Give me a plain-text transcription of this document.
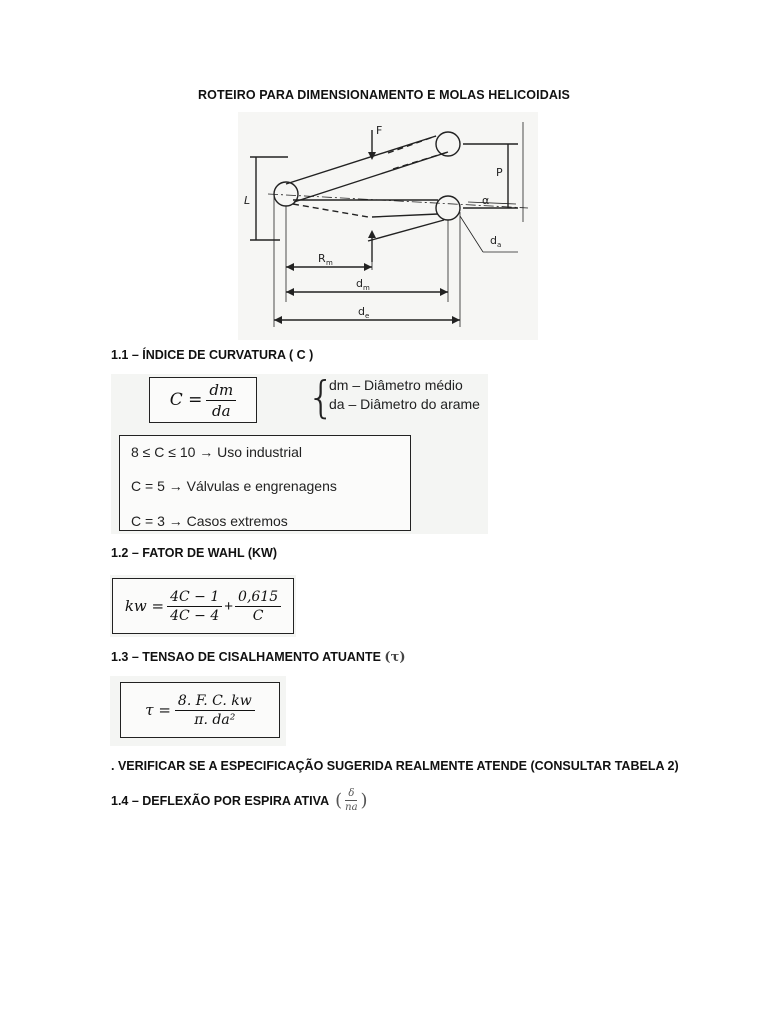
ROTEIRO PARA DIMENSIONAMENTO E MOLAS HELICOIDAIS
F
L
P
α
R m
d m
d e
d a
1.1 – ÍNDICE DE CURVATURA ( C )
$C = \frac{dm}{da}$ {
dm – Diâmetro médio
da – Diâmetro do arame
8 ≤ C ≤ 10 → Uso industrial
C = 5 → Válvulas e engrenagens
C = 3 → Casos extremos
1.2 – FATOR DE WAHL (KW)
kw = $\frac{4C - 1}{4C - 4} + \frac{0,615}{C}$
1.3 – TENSAO DE CISALHAMENTO ATUANTE (τ)
$\tau = \frac{8. F. C. kw}{\text{π. da²}}$
. VERIFICAR SE A ESPECIFICAÇÃO SUGERIDA REALMENTE ATENDE (CONSULTAR TABELA 2)
1.4 – DEFLEXÃO POR ESPIRA ATIVA ( $\frac{\delta}{na}$ )
